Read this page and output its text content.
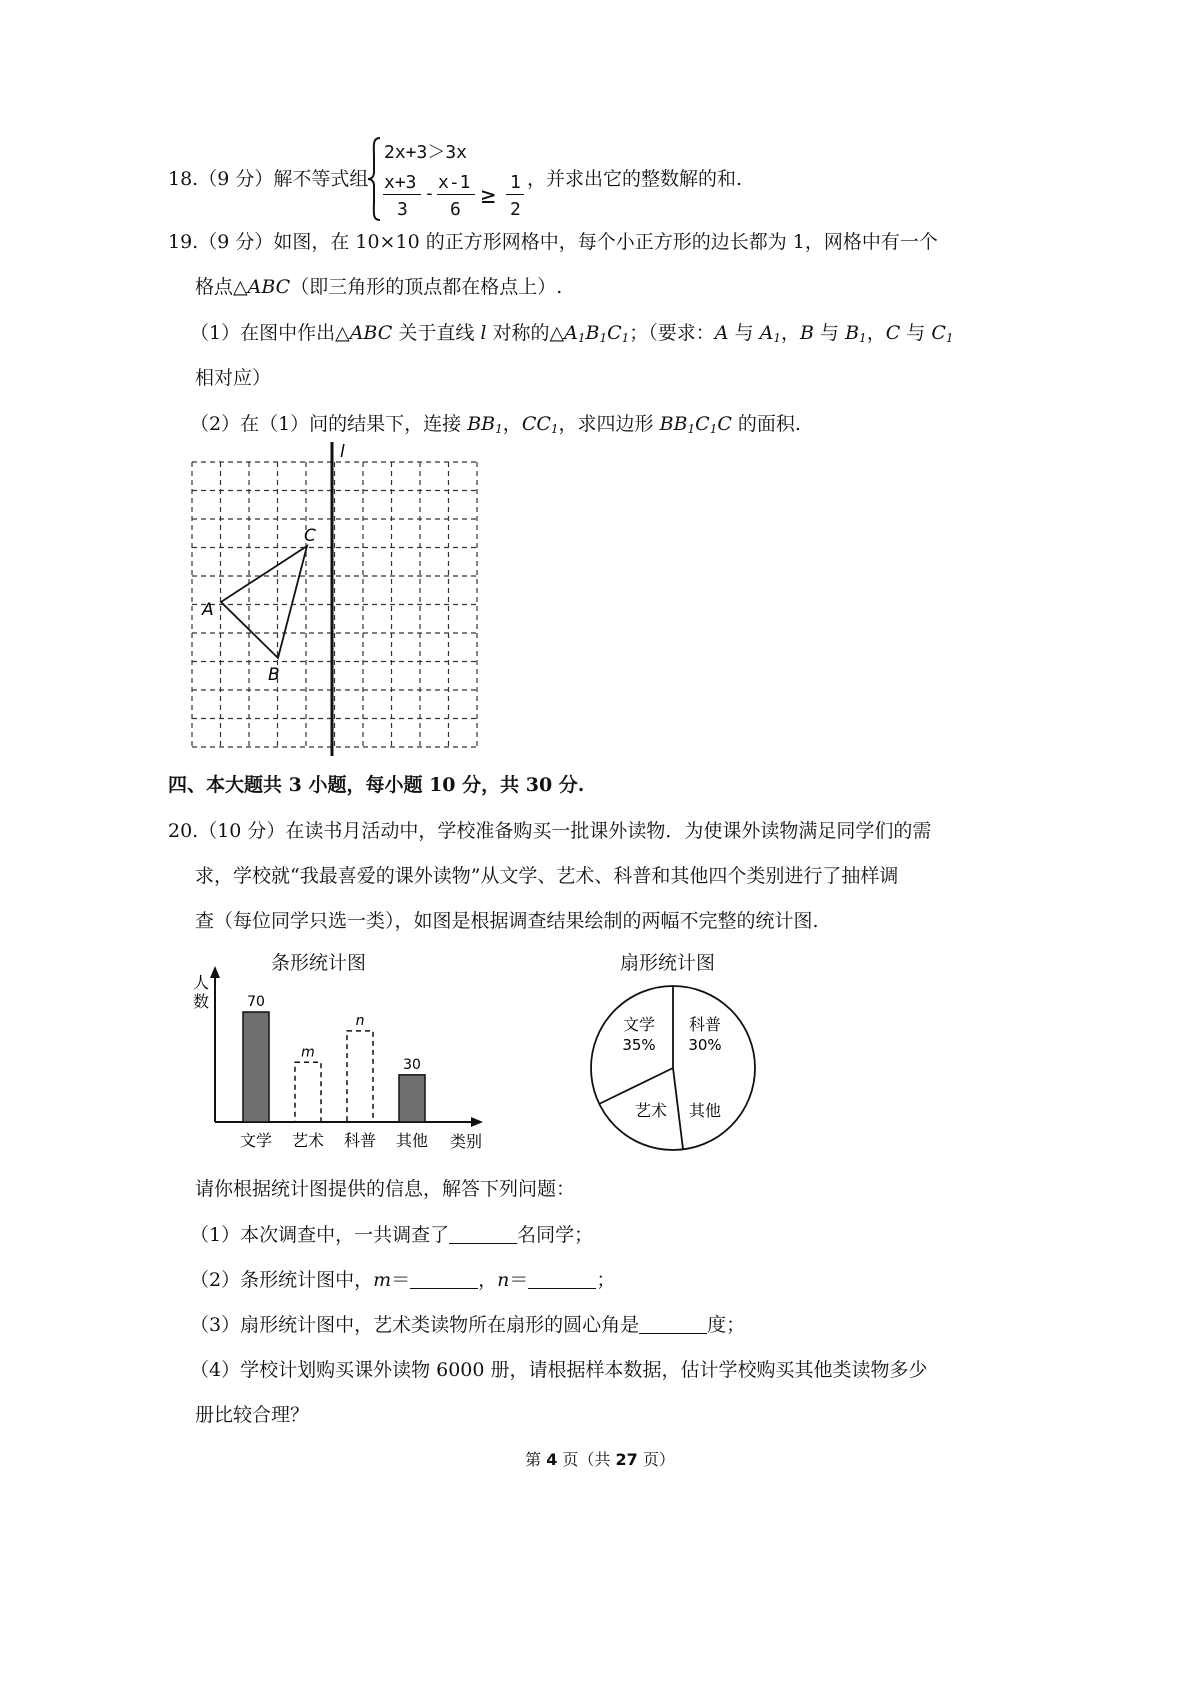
18.（9 分）解不等式组
2x+3＞3x
x+3
3
-
x-1
6
≥ 1
2
，并求出它的整数解的和.
19.（9 分）如图，在 10×10 的正方形网格中，每个小正方形的边长都为 1，网格中有一个
格点△ABC（即三角形的顶点都在格点上）.
（1）在图中作出△ABC 关于直线 l 对称的$\triangle A_1B_1C_1$；（要求：A 与 $A_1$，B 与 $B_1$，C 与 $C_1$
相对应）
（2）在（1）问的结果下，连接 $BB_1$，$CC_1$，求四边形 $BB_1C_1C$ 的面积.
l
A
B
C
四、本大题共 3 小题，每小题 10 分，共 30 分.
20.（10 分）在读书月活动中，学校准备购买一批课外读物．为使课外读物满足同学们的需
求，学校就“我最喜爱的课外读物”从文学、艺术、科普和其他四个类别进行了抽样调
查（每位同学只选一类），如图是根据调查结果绘制的两幅不完整的统计图.
条形统计图
人
数
类别
70
文学
m
艺术
n
科普
30
其他
扇形统计图
文学
35%
科普
30%
其他
艺术
请你根据统计图提供的信息，解答下列问题：
（1）本次调查中，一共调查了	名同学；
（2）条形统计图中，m＝	，n＝	；
（3）扇形统计图中，艺术类读物所在扇形的圆心角是	度；
（4）学校计划购买课外读物 6000 册，请根据样本数据，估计学校购买其他类读物多少
册比较合理？
第 4 页（共 27 页）
